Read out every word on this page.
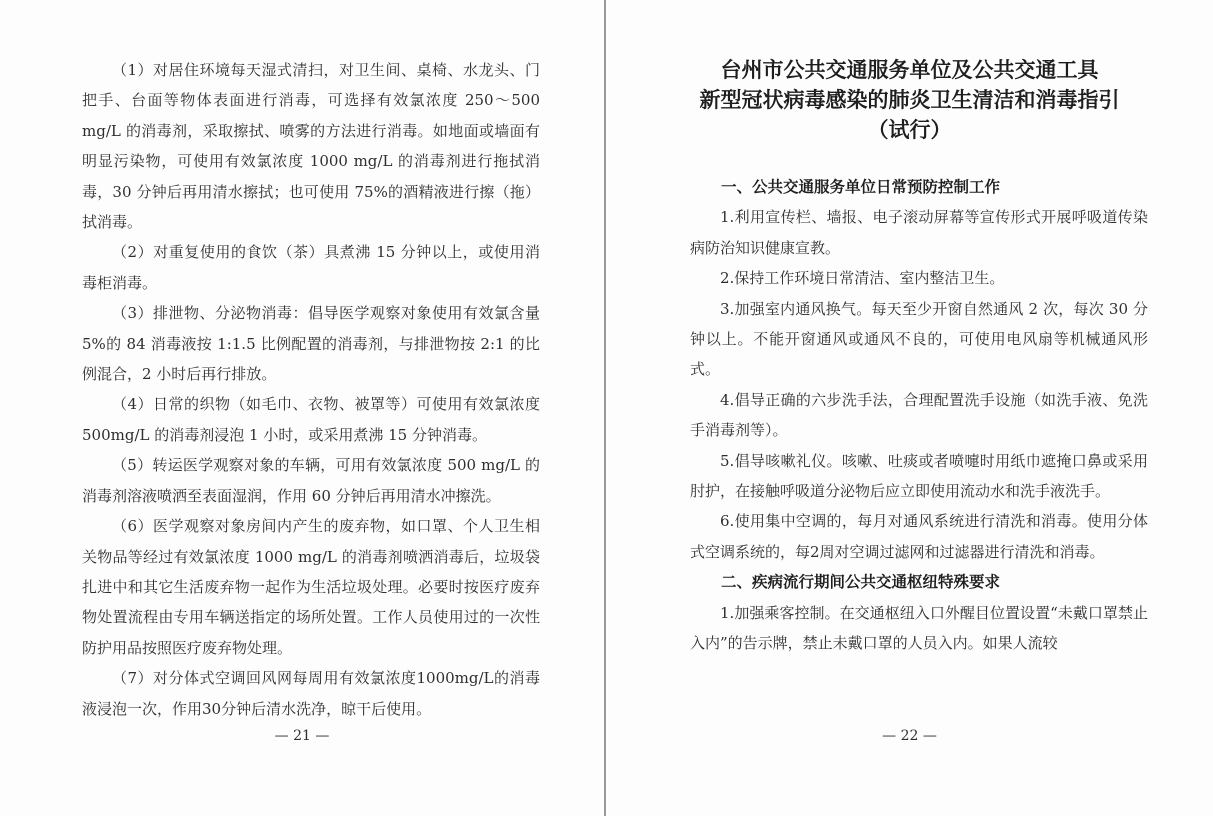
（1）对居住环境每天湿式清扫，对卫生间、桌椅、水龙头、门把手、台面等物体表面进行消毒，可选择有效氯浓度 250～500 mg/L 的消毒剂，采取擦拭、喷雾的方法进行消毒。如地面或墙面有明显污染物，可使用有效氯浓度 1000 mg/L 的消毒剂进行拖拭消毒，30 分钟后再用清水擦拭；也可使用 75%的酒精液进行擦（拖）拭消毒。

（2）对重复使用的食饮（茶）具煮沸 15 分钟以上，或使用消毒柜消毒。

（3）排泄物、分泌物消毒：倡导医学观察对象使用有效氯含量 5%的 84 消毒液按 1:1.5 比例配置的消毒剂，与排泄物按 2:1 的比例混合，2 小时后再行排放。

（4）日常的织物（如毛巾、衣物、被罩等）可使用有效氯浓度 500mg/L 的消毒剂浸泡 1 小时，或采用煮沸 15 分钟消毒。

（5）转运医学观察对象的车辆，可用有效氯浓度 500 mg/L 的消毒剂溶液喷洒至表面湿润，作用 60 分钟后再用清水冲擦洗。

（6）医学观察对象房间内产生的废弃物，如口罩、个人卫生相关物品等经过有效氯浓度 1000 mg/L 的消毒剂喷洒消毒后，垃圾袋扎进中和其它生活废弃物一起作为生活垃圾处理。必要时按医疗废弃物处置流程由专用车辆送指定的场所处置。工作人员使用过的一次性防护用品按照医疗废弃物处理。

（7）对分体式空调回风网每周用有效氯浓度1000mg/L的消毒液浸泡一次，作用30分钟后清水洗净，晾干后使用。

— 21 —
台州市公共交通服务单位及公共交通工具
新型冠状病毒感染的肺炎卫生清洁和消毒指引
（试行）
一、公共交通服务单位日常预防控制工作

1.利用宣传栏、墙报、电子滚动屏幕等宣传形式开展呼吸道传染病防治知识健康宣教。

2.保持工作环境日常清洁、室内整洁卫生。

3.加强室内通风换气。每天至少开窗自然通风 2 次，每次 30 分钟以上。不能开窗通风或通风不良的，可使用电风扇等机械通风形式。

4.倡导正确的六步洗手法，合理配置洗手设施（如洗手液、免洗手消毒剂等）。

5.倡导咳嗽礼仪。咳嗽、吐痰或者喷嚏时用纸巾遮掩口鼻或采用肘护，在接触呼吸道分泌物后应立即使用流动水和洗手液洗手。

6.使用集中空调的，每月对通风系统进行清洗和消毒。使用分体式空调系统的，每2周对空调过滤网和过滤器进行清洗和消毒。

二、疾病流行期间公共交通枢纽特殊要求

1.加强乘客控制。在交通枢纽入口外醒目位置设置“未戴口罩禁止入内”的告示牌，禁止未戴口罩的人员入内。如果人流较

— 22 —
